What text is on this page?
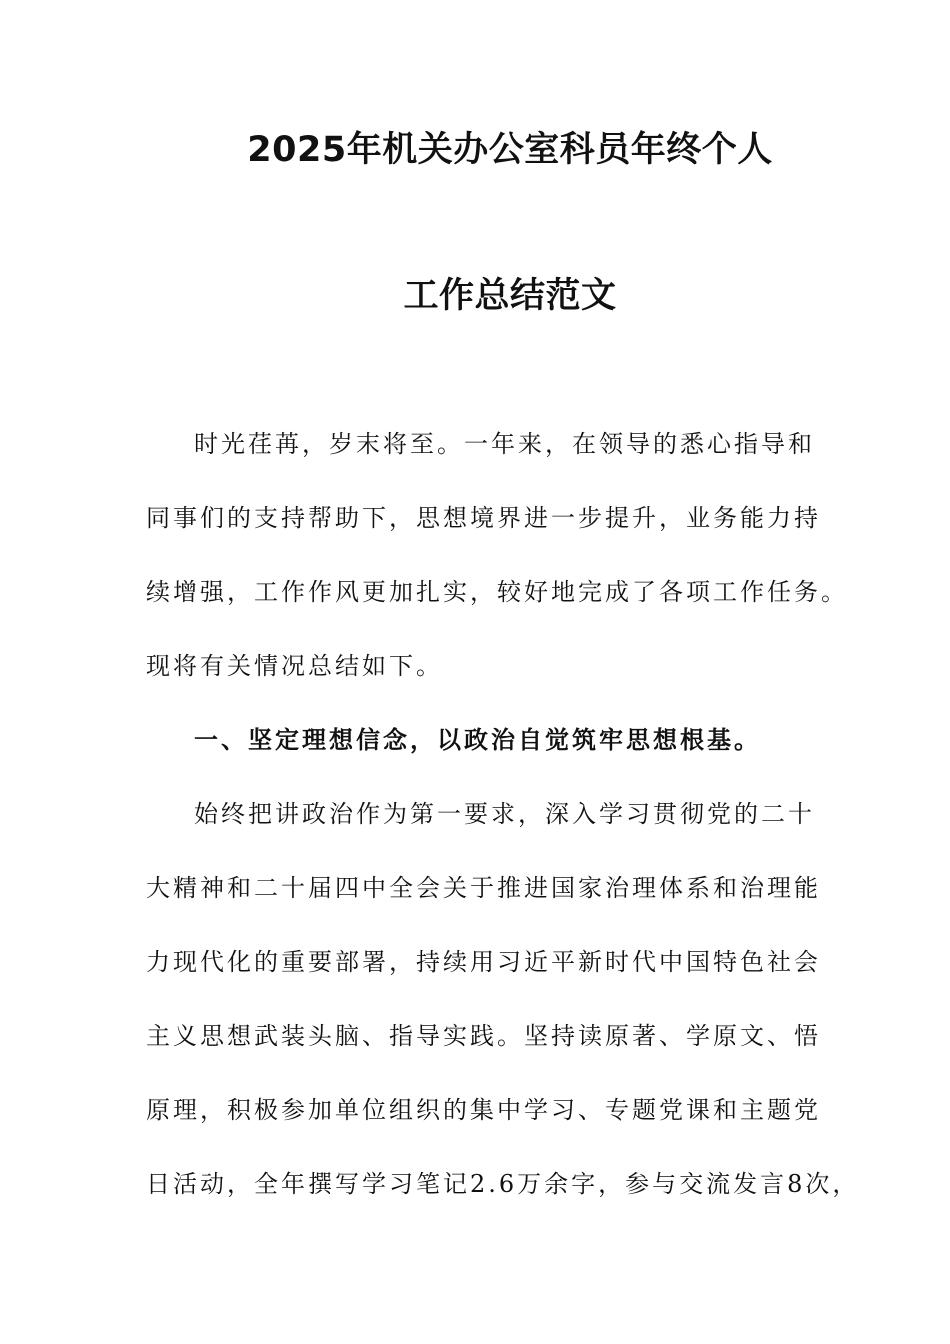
2025年机关办公室科员年终个人
工作总结范文
时光荏苒，岁末将至。一年来，在领导的悉心指导和
同事们的支持帮助下，思想境界进一步提升，业务能力持
续增强，工作作风更加扎实，较好地完成了各项工作任务。
现将有关情况总结如下。
一、坚定理想信念，以政治自觉筑牢思想根基。
始终把讲政治作为第一要求，深入学习贯彻党的二十
大精神和二十届四中全会关于推进国家治理体系和治理能
力现代化的重要部署，持续用习近平新时代中国特色社会
主义思想武装头脑、指导实践。坚持读原著、学原文、悟
原理，积极参加单位组织的集中学习、专题党课和主题党
日活动，全年撰写学习笔记2.6万余字，参与交流发言8次，
